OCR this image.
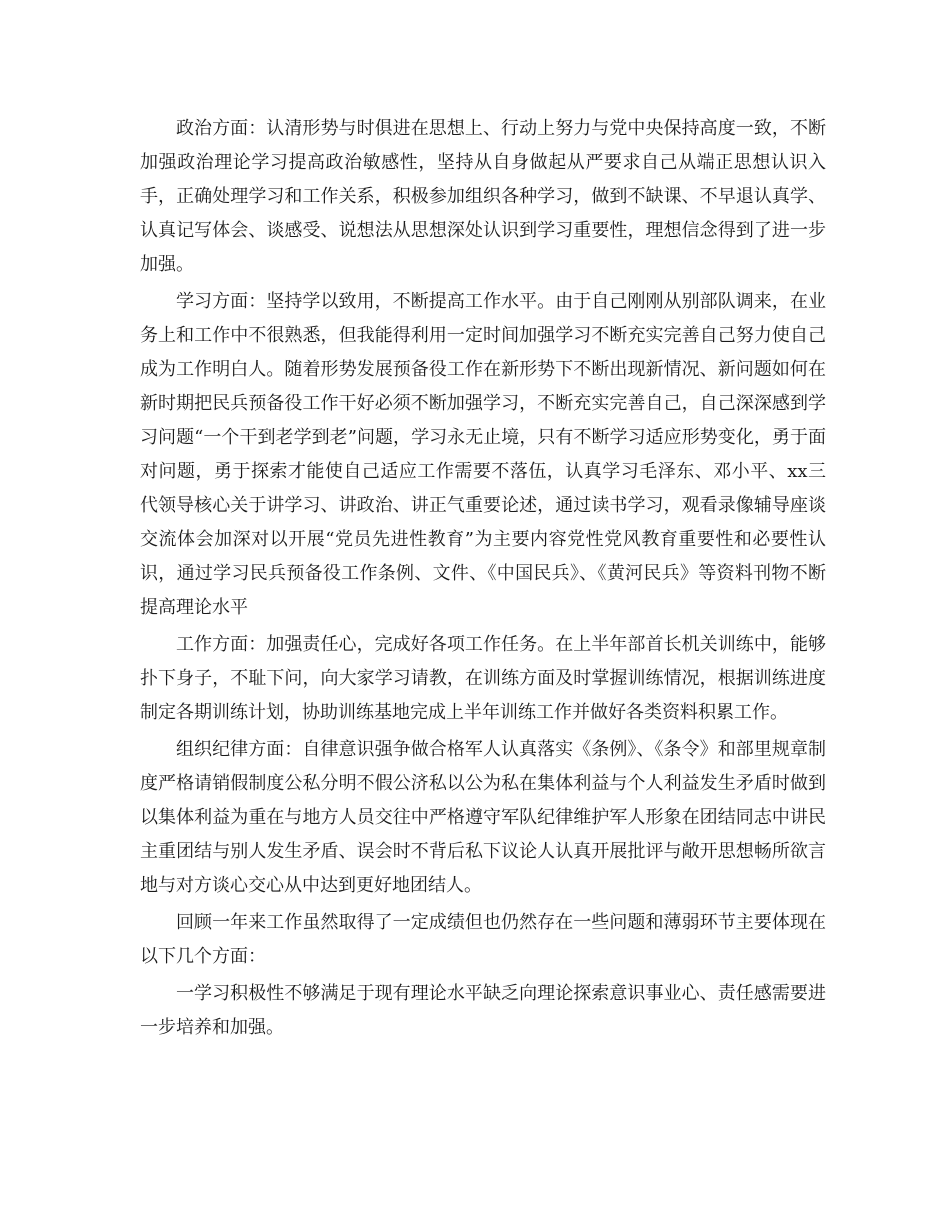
政治方面：认清形势与时俱进在思想上、行动上努力与党中央保持高度一致，不断加强政治理论学习提高政治敏感性，坚持从自身做起从严要求自己从端正思想认识入手，正确处理学习和工作关系，积极参加组织各种学习，做到不缺课、不早退认真学、认真记写体会、谈感受、说想法从思想深处认识到学习重要性，理想信念得到了进一步加强。

学习方面：坚持学以致用，不断提高工作水平。由于自己刚刚从别部队调来，在业务上和工作中不很熟悉，但我能得利用一定时间加强学习不断充实完善自己努力使自己成为工作明白人。随着形势发展预备役工作在新形势下不断出现新情况、新问题如何在新时期把民兵预备役工作干好必须不断加强学习，不断充实完善自己，自己深深感到学习问题“一个干到老学到老”问题，学习永无止境，只有不断学习适应形势变化，勇于面对问题，勇于探索才能使自己适应工作需要不落伍，认真学习毛泽东、邓小平、xx三代领导核心关于讲学习、讲政治、讲正气重要论述，通过读书学习，观看录像辅导座谈交流体会加深对以开展“党员先进性教育”为主要内容党性党风教育重要性和必要性认识，通过学习民兵预备役工作条例、文件、《中国民兵》、《黄河民兵》等资料刊物不断提高理论水平

工作方面：加强责任心，完成好各项工作任务。在上半年部首长机关训练中，能够扑下身子，不耻下问，向大家学习请教，在训练方面及时掌握训练情况，根据训练进度制定各期训练计划，协助训练基地完成上半年训练工作并做好各类资料积累工作。

组织纪律方面：自律意识强争做合格军人认真落实《条例》、《条令》和部里规章制度严格请销假制度公私分明不假公济私以公为私在集体利益与个人利益发生矛盾时做到以集体利益为重在与地方人员交往中严格遵守军队纪律维护军人形象在团结同志中讲民主重团结与别人发生矛盾、误会时不背后私下议论人认真开展批评与敞开思想畅所欲言地与对方谈心交心从中达到更好地团结人。

回顾一年来工作虽然取得了一定成绩但也仍然存在一些问题和薄弱环节主要体现在以下几个方面：

一学习积极性不够满足于现有理论水平缺乏向理论探索意识事业心、责任感需要进一步培养和加强。
